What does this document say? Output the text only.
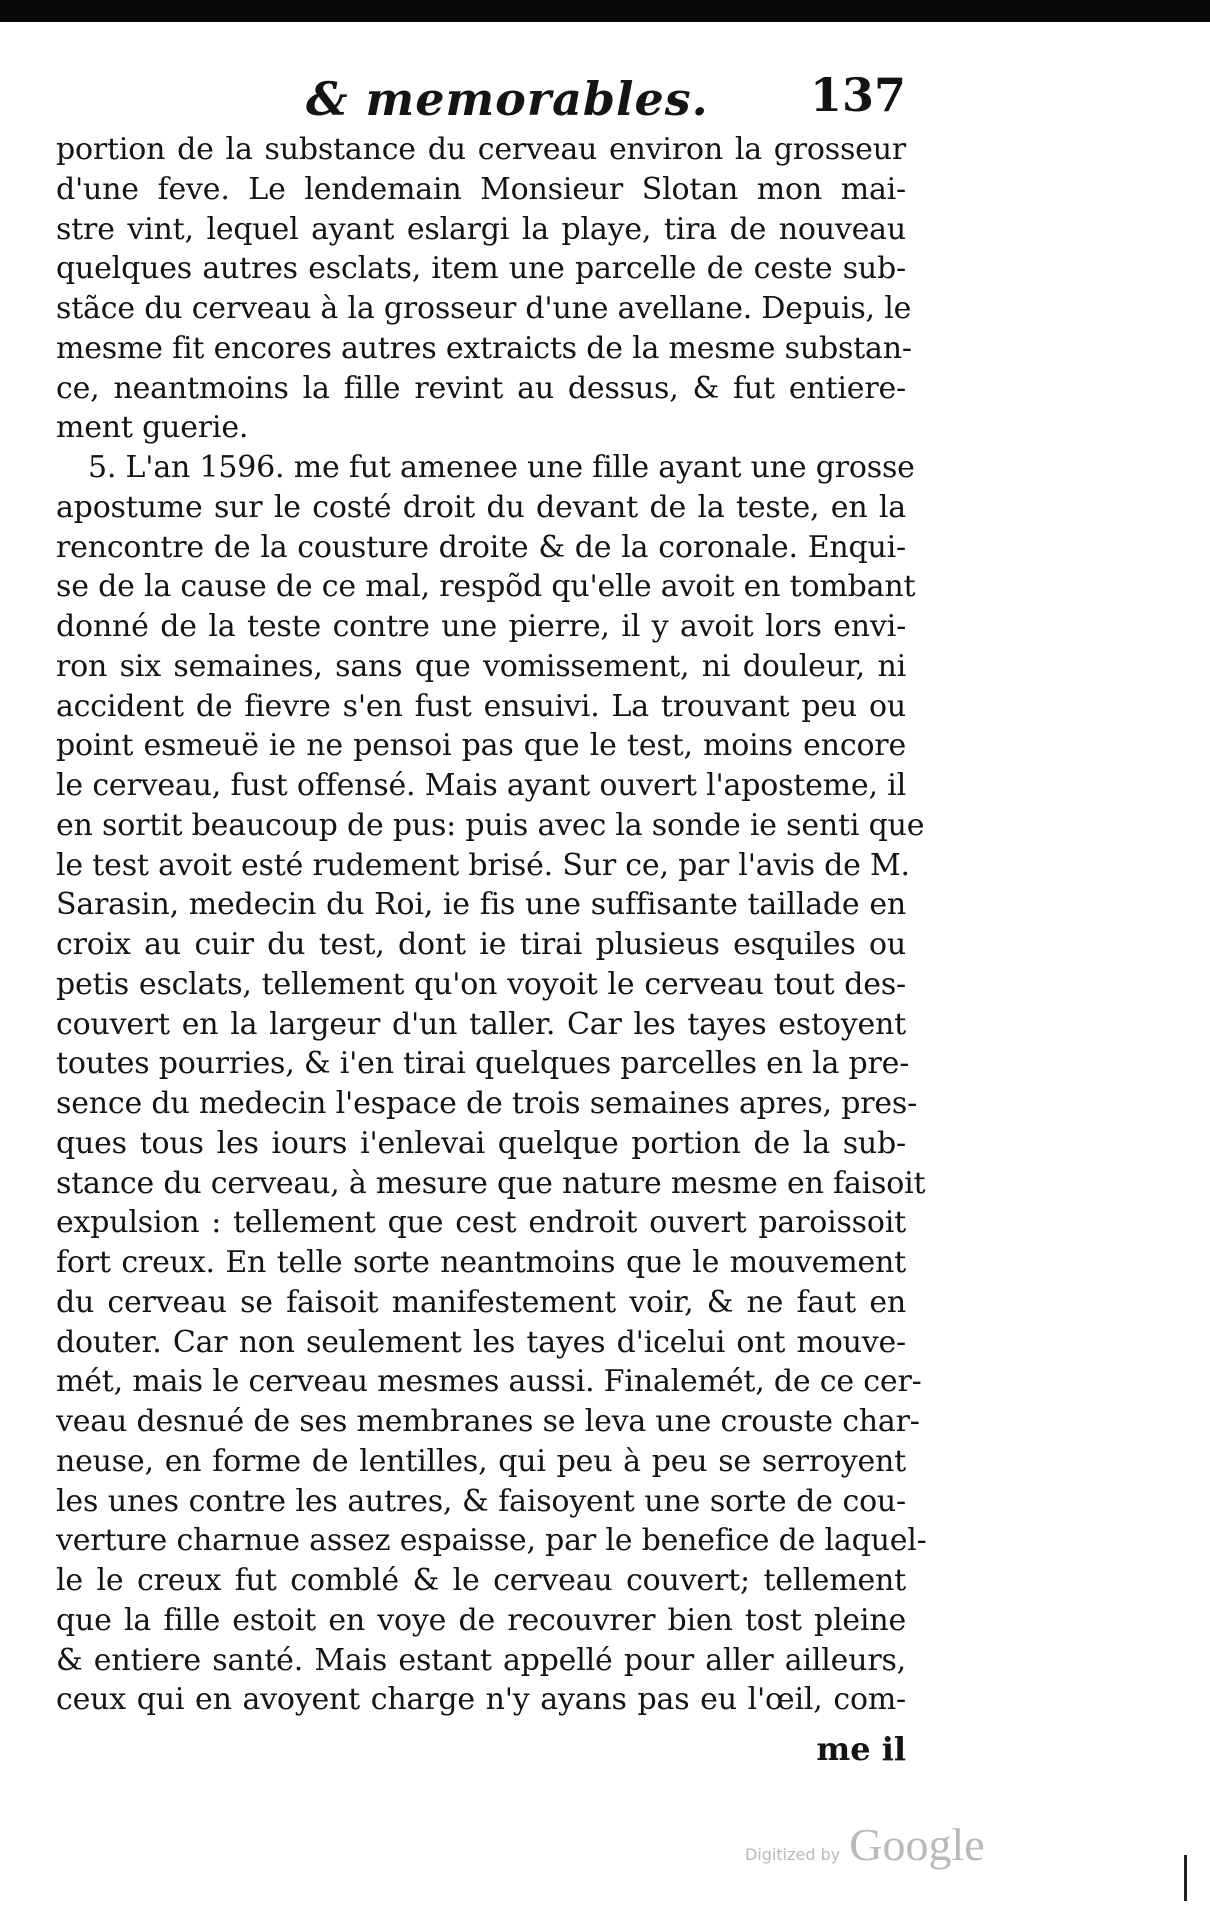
& memorables. 137
portion de la substance du cerveau environ la grosseur
d'une feve. Le lendemain Monsieur Slotan mon mai-
stre vint, lequel ayant eslargi la playe, tira de nouveau
quelques autres esclats, item une parcelle de ceste sub-
stãce du cerveau à la grosseur d'une avellane. Depuis, le
mesme fit encores autres extraicts de la mesme substan-
ce, neantmoins la fille revint au dessus, & fut entiere-
ment guerie.
5. L'an 1596. me fut amenee une fille ayant une grosse
apostume sur le costé droit du devant de la teste, en la
rencontre de la cousture droite & de la coronale. Enqui-
se de la cause de ce mal, respõd qu'elle avoit en tombant
donné de la teste contre une pierre, il y avoit lors envi-
ron six semaines, sans que vomissement, ni douleur, ni
accident de fievre s'en fust ensuivi. La trouvant peu ou
point esmeuë ie ne pensoi pas que le test, moins encore
le cerveau, fust offensé. Mais ayant ouvert l'aposteme, il
en sortit beaucoup de pus: puis avec la sonde ie senti que
le test avoit esté rudement brisé. Sur ce, par l'avis de M.
Sarasin, medecin du Roi, ie fis une suffisante taillade en
croix au cuir du test, dont ie tirai plusieus esquiles ou
petis esclats, tellement qu'on voyoit le cerveau tout des-
couvert en la largeur d'un taller. Car les tayes estoyent
toutes pourries, & i'en tirai quelques parcelles en la pre-
sence du medecin l'espace de trois semaines apres, pres-
ques tous les iours i'enlevai quelque portion de la sub-
stance du cerveau, à mesure que nature mesme en faisoit
expulsion : tellement que cest endroit ouvert paroissoit
fort creux. En telle sorte neantmoins que le mouvement
du cerveau se faisoit manifestement voir, & ne faut en
douter. Car non seulement les tayes d'icelui ont mouve-
mét, mais le cerveau mesmes aussi. Finalemét, de ce cer-
veau desnué de ses membranes se leva une crouste char-
neuse, en forme de lentilles, qui peu à peu se serroyent
les unes contre les autres, & faisoyent une sorte de cou-
verture charnue assez espaisse, par le benefice de laquel-
le le creux fut comblé & le cerveau couvert; tellement
que la fille estoit en voye de recouvrer bien tost pleine
& entiere santé. Mais estant appellé pour aller ailleurs,
ceux qui en avoyent charge n'y ayans pas eu l'œil, com-
me il
Digitized by Google
